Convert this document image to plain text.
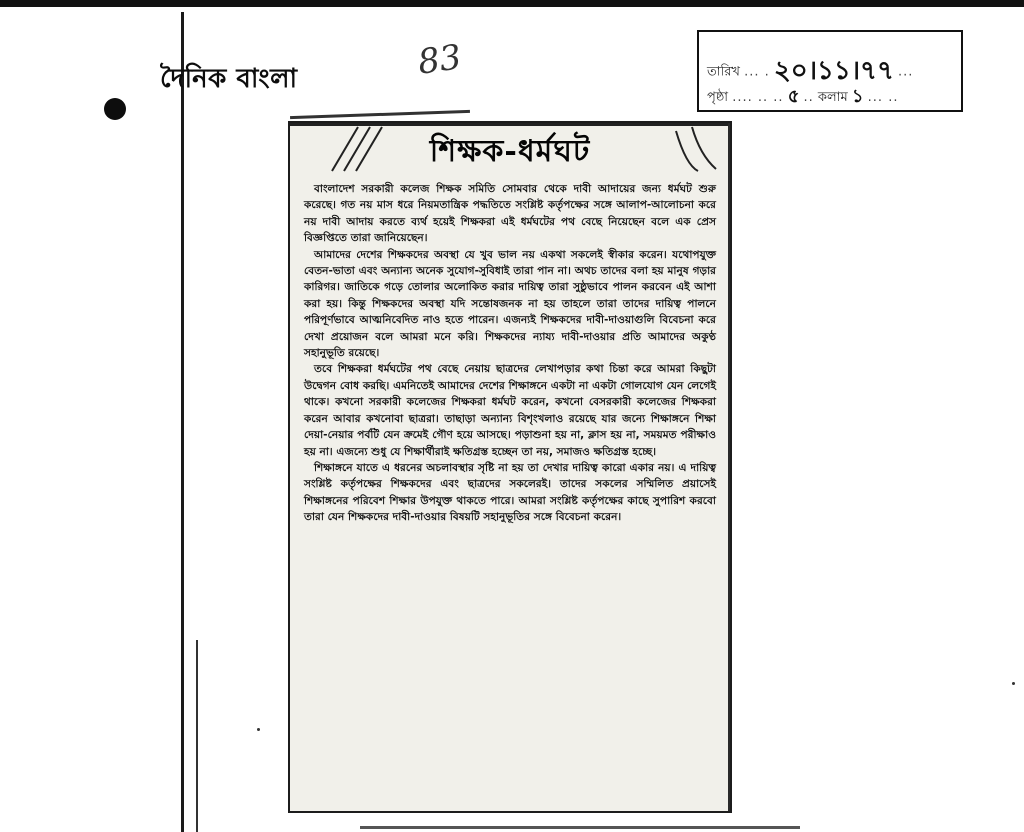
দৈনিক বাংলা	83	তারিখ ... . ২০।১১।৭৭ ...
পৃষ্ঠা .... .. .. ৫ .. কলাম ১ ... ..
শিক্ষক-ধর্মঘট

বাংলাদেশ সরকারী কলেজ শিক্ষক সমিতি সোমবার থেকে দাবী আদায়ের জন্য ধর্মঘট শুরু করেছে। গত নয় মাস ধরে নিয়মতান্ত্রিক পদ্ধতিতে সংশ্লিষ্ট কর্তৃপক্ষের সঙ্গে আলাপ-আলোচনা করে নয় দাবী আদায় করতে ব্যর্থ হয়েই শিক্ষকরা এই ধর্মঘটের পথ বেছে নিয়েছেন বলে এক প্রেস বিজ্ঞপ্তিতে তারা জানিয়েছেন।

আমাদের দেশের শিক্ষকদের অবস্থা যে খুব ভাল নয় একথা সকলেই স্বীকার করেন। যথোপযুক্ত বেতন-ভাতা এবং অন্যান্য অনেক সুযোগ-সুবিধাই তারা পান না। অথচ তাদের বলা হয় মানুষ গড়ার কারিগর। জাতিকে গড়ে তোলার অলোকিত করার দায়িত্ব তারা সুষ্ঠুভাবে পালন করবেন এই আশা করা হয়। কিন্তু শিক্ষকদের অবস্থা যদি সন্তোষজনক না হয় তাহলে তারা তাদের দায়িত্ব পালনে পরিপূর্ণভাবে আত্মনিবেদিত নাও হতে পারেন। এজন্যই শিক্ষকদের দাবী-দাওয়াগুলি বিবেচনা করে দেখা প্রয়োজন বলে আমরা মনে করি। শিক্ষকদের ন্যায্য দাবী-দাওয়ার প্রতি আমাদের অকুণ্ঠ সহানুভূতি রয়েছে।

তবে শিক্ষকরা ধর্মঘটের পথ বেছে নেয়ায় ছাত্রদের লেখাপড়ার কথা চিন্তা করে আমরা কিছুটা উদ্বেগন বোধ করছি। এমনিতেই আমাদের দেশের শিক্ষাঙ্গনে একটা না একটা গোলযোগ যেন লেগেই থাকে। কখনো সরকারী কলেজের শিক্ষকরা ধর্মঘট করেন, কখনো বেসরকারী কলেজের শিক্ষকরা করেন আবার কখনোবা ছাত্ররা। তাছাড়া অন্যান্য বিশৃংখলাও রয়েছে যার জন্যে শিক্ষাঙ্গনে শিক্ষা দেয়া-নেয়ার পর্বটি যেন ক্রমেই গৌণ হয়ে আসছে। পড়াশুনা হয় না, ক্লাস হয় না, সময়মত পরীক্ষাও হয় না। এজন্যে শুধু যে শিক্ষার্থীরাই ক্ষতিগ্রস্ত হচ্ছেন তা নয়, সমাজও ক্ষতিগ্রস্ত হচ্ছে।

শিক্ষাঙ্গনে যাতে এ ধরনের অচলাবস্থার সৃষ্টি না হয় তা দেখার দায়িত্ব কারো একার নয়। এ দায়িত্ব সংশ্লিষ্ট কর্তৃপক্ষের শিক্ষকদের এবং ছাত্রদের সকলেরই। তাদের সকলের সম্মিলিত প্রয়াসেই শিক্ষাঙ্গনের পরিবেশ শিক্ষার উপযুক্ত থাকতে পারে। আমরা সংশ্লিষ্ট কর্তৃপক্ষের কাছে সুপারিশ করবো তারা যেন শিক্ষকদের দাবী-দাওয়ার বিষয়টি সহানুভূতির সঙ্গে বিবেচনা করেন।
